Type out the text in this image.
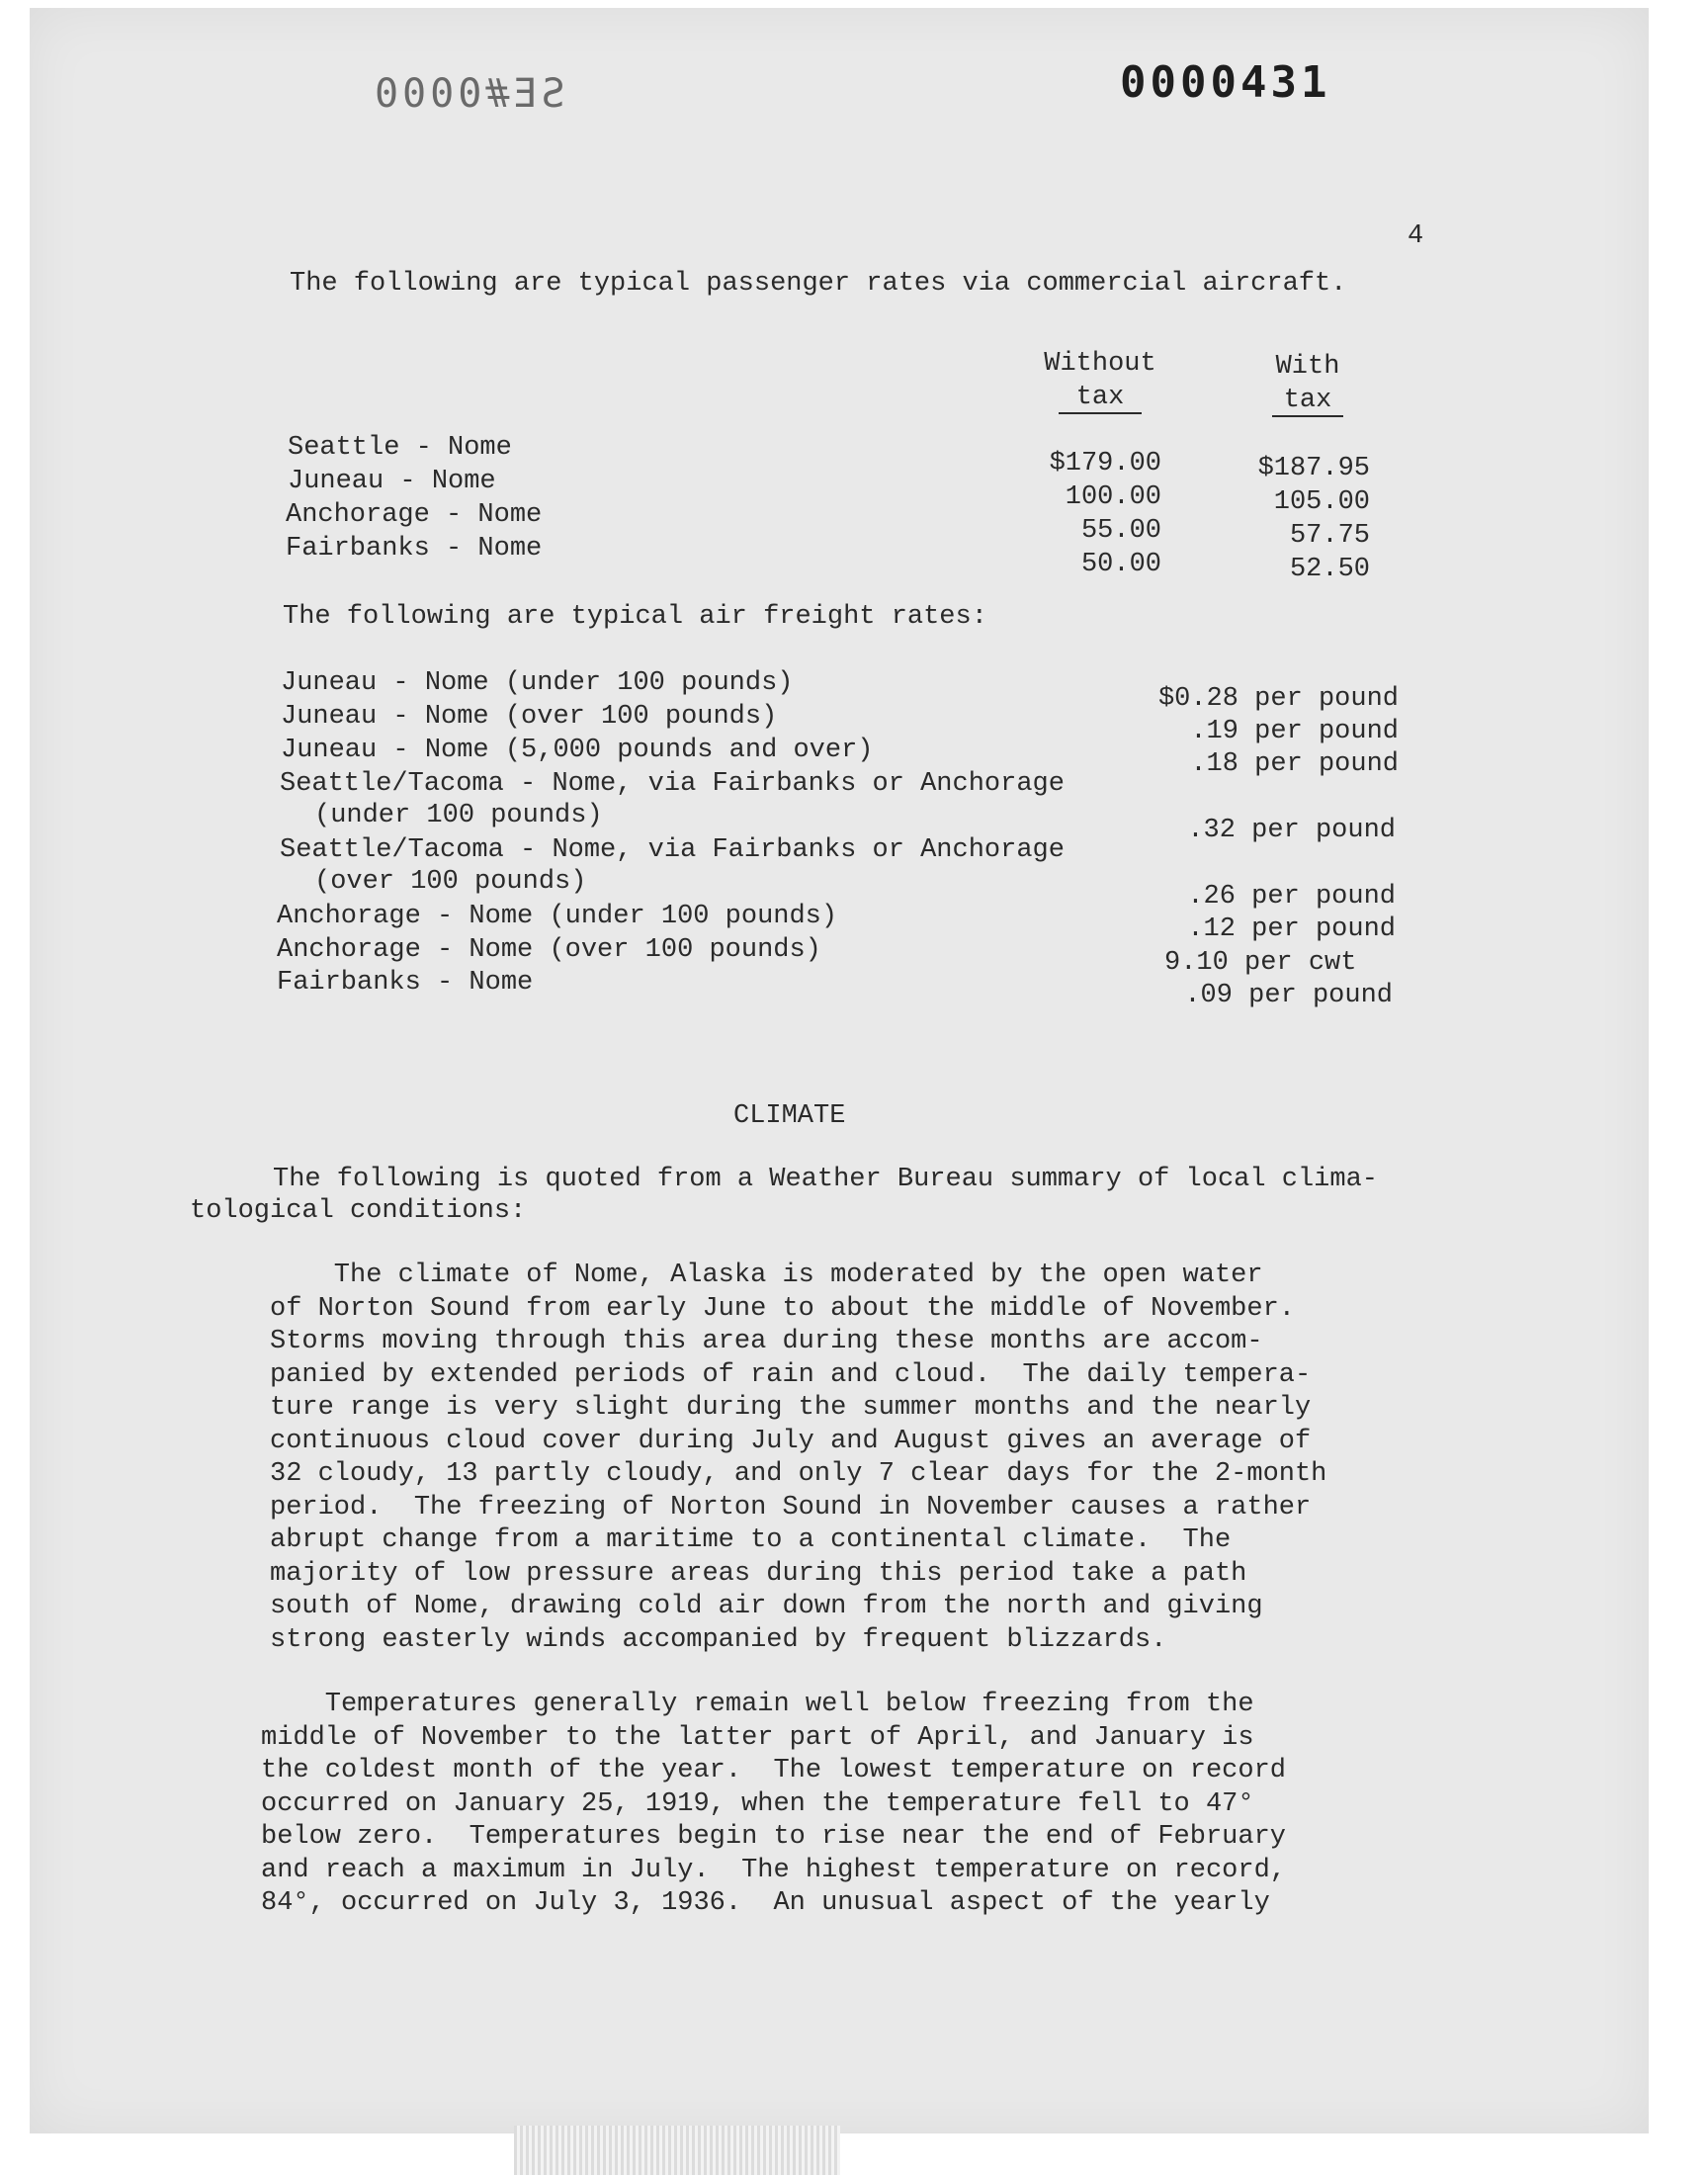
SE#0000	0000431
4
The following are typical passenger rates via commercial aircraft.
Without
tax
With
tax
Seattle - Nome
Juneau - Nome
Anchorage - Nome
Fairbanks - Nome
$179.00
100.00
55.00
50.00
$187.95
105.00
57.75
52.50
The following are typical air freight rates:
Juneau - Nome (under 100 pounds)
Juneau - Nome (over 100 pounds)
Juneau - Nome (5,000 pounds and over)
Seattle/Tacoma - Nome, via Fairbanks or Anchorage
(under 100 pounds)
Seattle/Tacoma - Nome, via Fairbanks or Anchorage
(over 100 pounds)
Anchorage - Nome (under 100 pounds)
Anchorage - Nome (over 100 pounds)
Fairbanks - Nome
$0.28 per pound
.19 per pound
.18 per pound
.32 per pound
.26 per pound
.12 per pound
9.10 per cwt
.09 per pound
CLIMATE
The following is quoted from a Weather Bureau summary of local clima-
tological conditions:
The climate of Nome, Alaska is moderated by the open water
of Norton Sound from early June to about the middle of November.
Storms moving through this area during these months are accom-
panied by extended periods of rain and cloud.  The daily tempera-
ture range is very slight during the summer months and the nearly
continuous cloud cover during July and August gives an average of
32 cloudy, 13 partly cloudy, and only 7 clear days for the 2-month
period.  The freezing of Norton Sound in November causes a rather
abrupt change from a maritime to a continental climate.  The
majority of low pressure areas during this period take a path
south of Nome, drawing cold air down from the north and giving
strong easterly winds accompanied by frequent blizzards.
Temperatures generally remain well below freezing from the
middle of November to the latter part of April, and January is
the coldest month of the year.  The lowest temperature on record
occurred on January 25, 1919, when the temperature fell to 47°
below zero.  Temperatures begin to rise near the end of February
and reach a maximum in July.  The highest temperature on record,
84°, occurred on July 3, 1936.  An unusual aspect of the yearly
